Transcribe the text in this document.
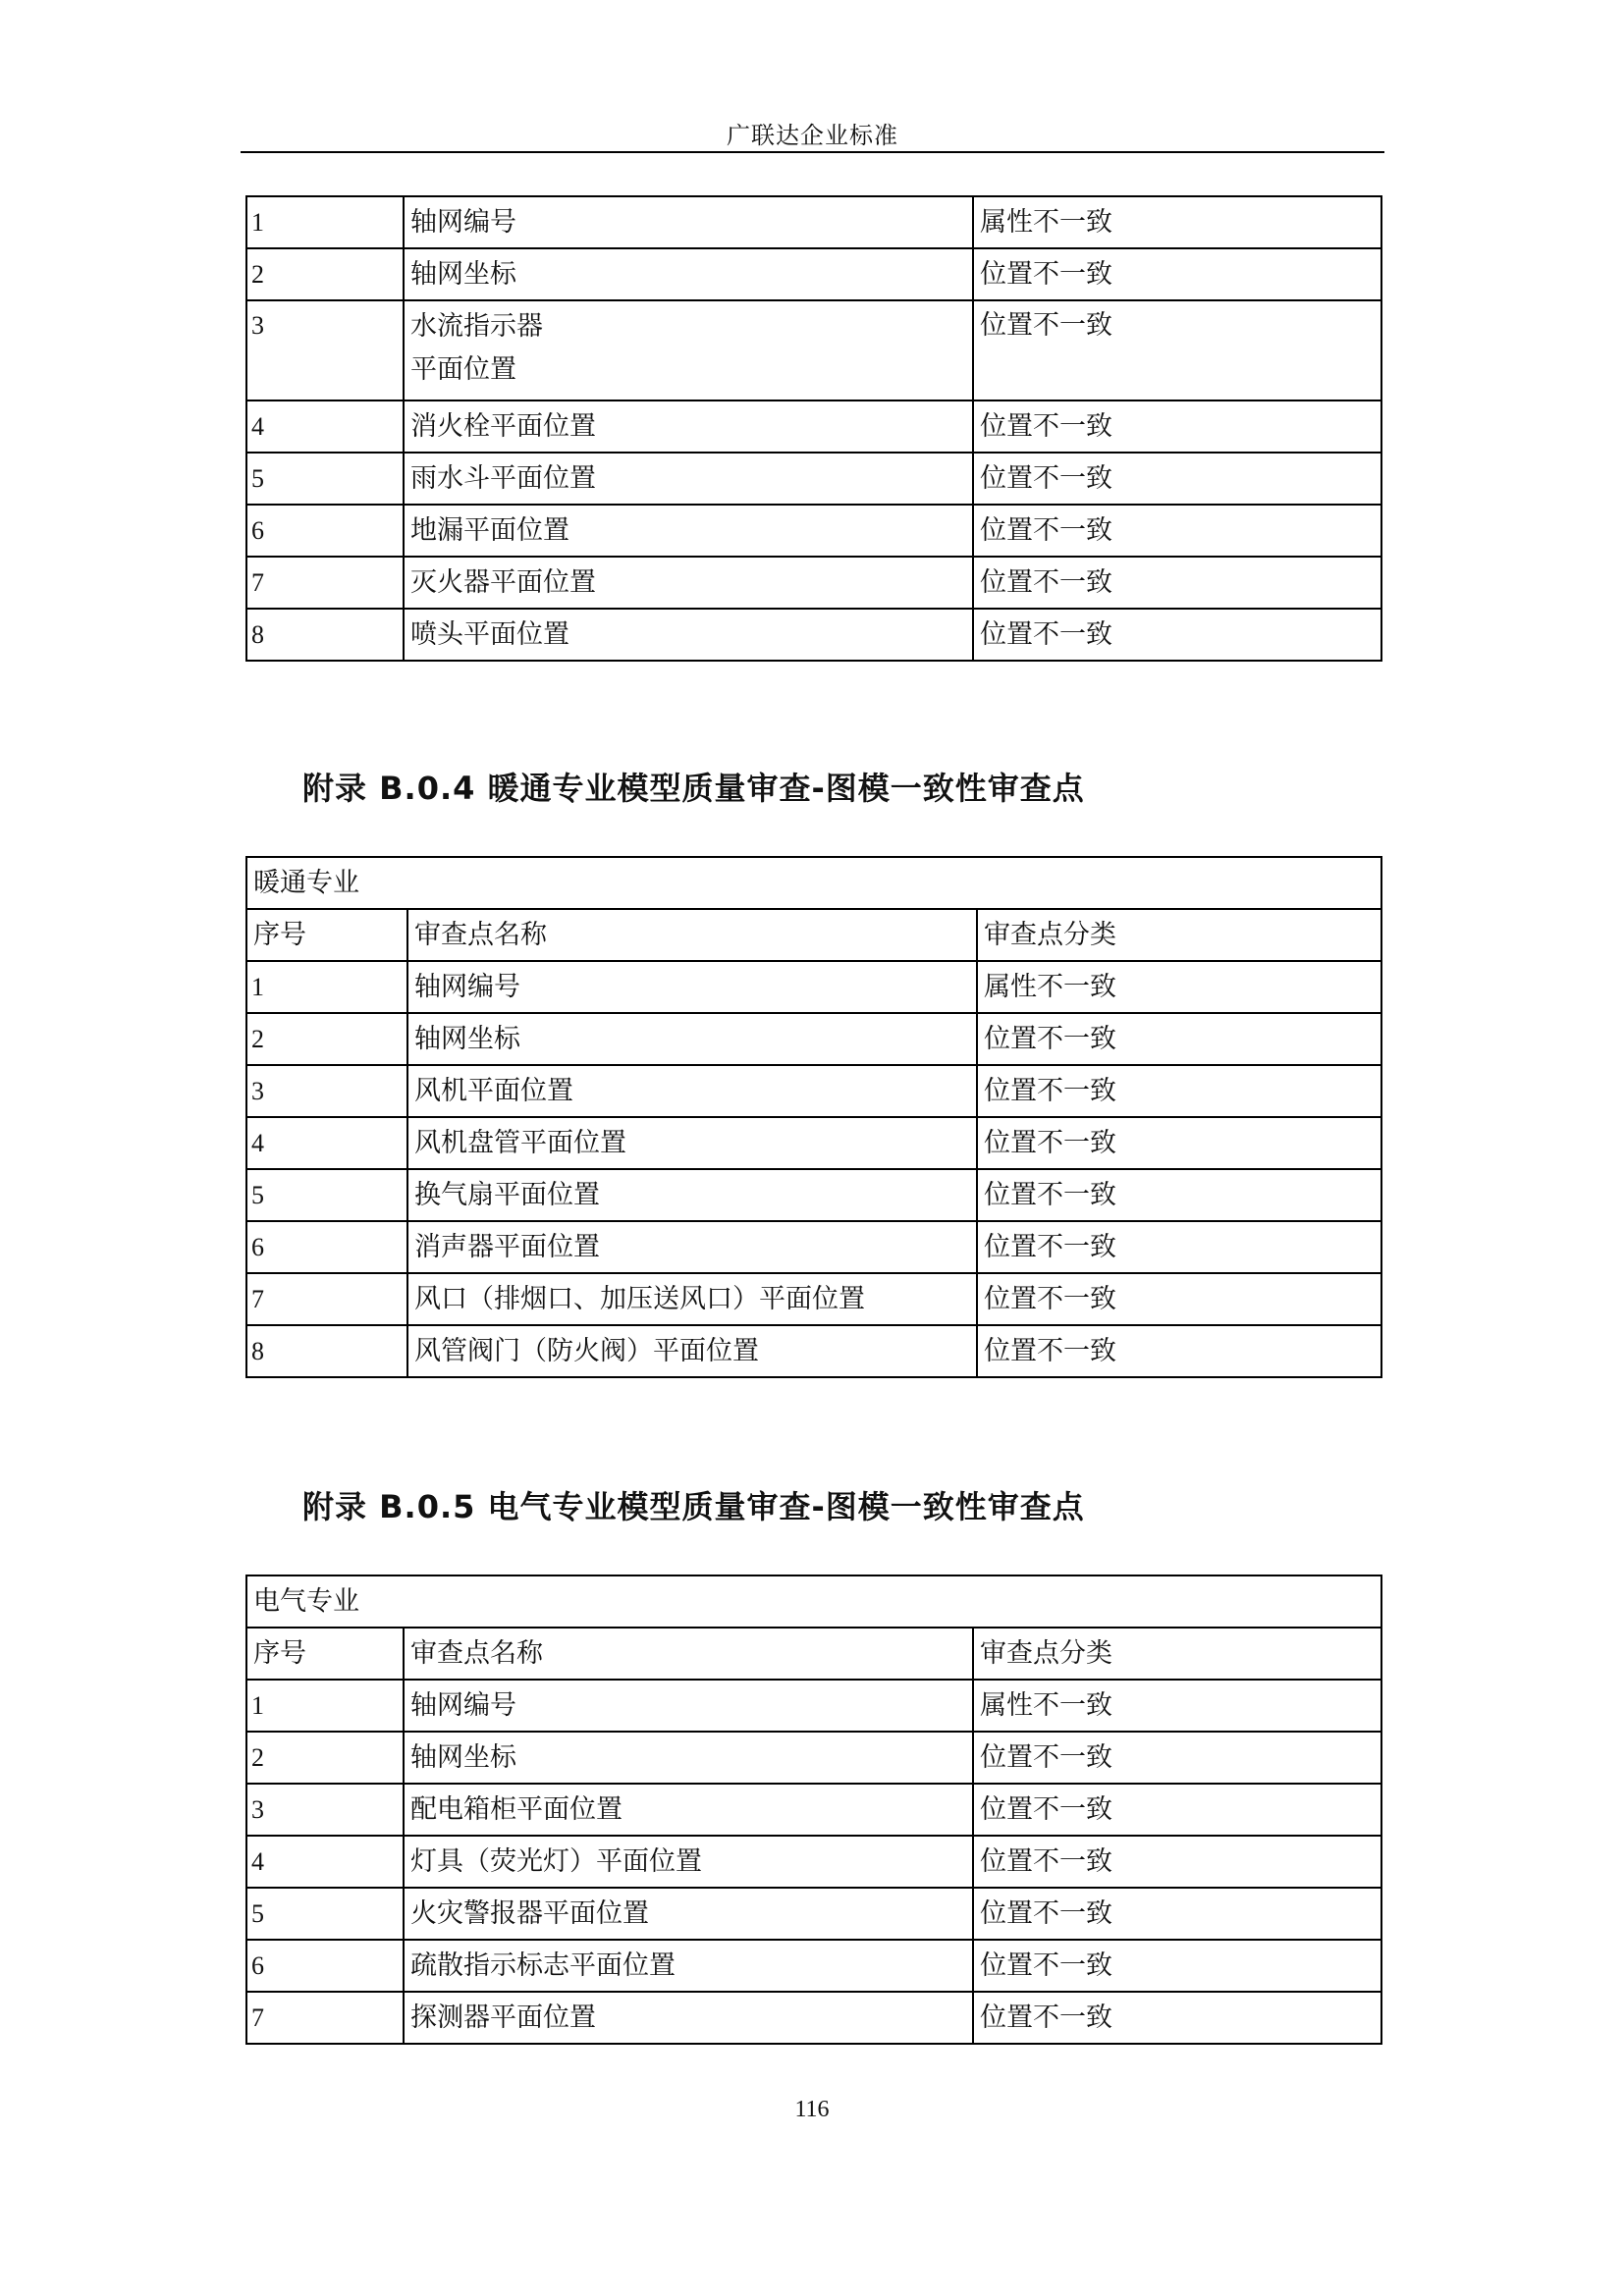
广联达企业标准
1	轴网编号	属性不一致
2	轴网坐标	位置不一致
3	水流指示器
平面位置	位置不一致
4	消火栓平面位置	位置不一致
5	雨水斗平面位置	位置不一致
6	地漏平面位置	位置不一致
7	灭火器平面位置	位置不一致
8	喷头平面位置	位置不一致
附录 B.0.4 暖通专业模型质量审查-图模一致性审查点
暖通专业		
序号	审查点名称	审查点分类
1	轴网编号	属性不一致
2	轴网坐标	位置不一致
3	风机平面位置	位置不一致
4	风机盘管平面位置	位置不一致
5	换气扇平面位置	位置不一致
6	消声器平面位置	位置不一致
7	风口（排烟口、加压送风口）平面位置	位置不一致
8	风管阀门（防火阀）平面位置	位置不一致
附录 B.0.5 电气专业模型质量审查-图模一致性审查点
电气专业		
序号	审查点名称	审查点分类
1	轴网编号	属性不一致
2	轴网坐标	位置不一致
3	配电箱柜平面位置	位置不一致
4	灯具（荧光灯）平面位置	位置不一致
5	火灾警报器平面位置	位置不一致
6	疏散指示标志平面位置	位置不一致
7	探测器平面位置	位置不一致
116
